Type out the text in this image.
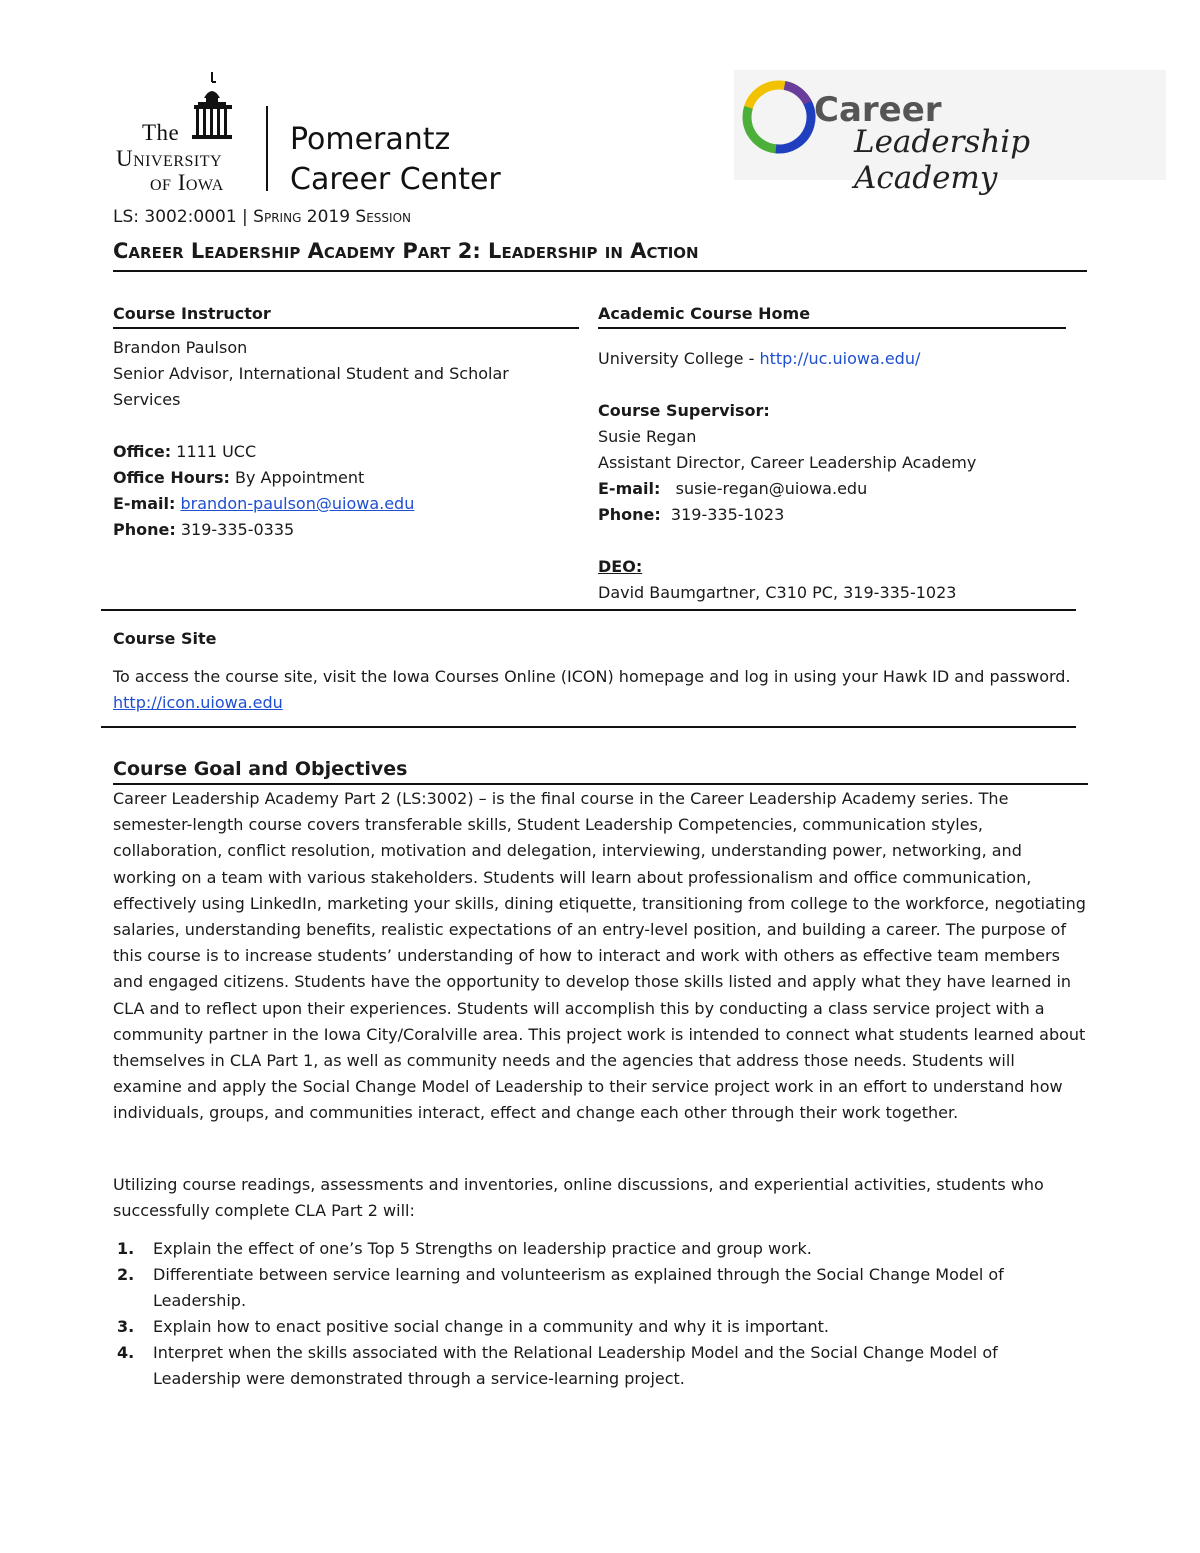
The
University
of Iowa
Pomerantz
Career Center
Career
Leadership Academy
LS: 3002:0001 | Spring 2019 Session
Career Leadership Academy Part 2: Leadership in Action
Course Instructor
Brandon Paulson
Senior Advisor, International Student and Scholar Services
Office: 1111 UCC
Office Hours: By Appointment
E-mail: brandon-paulson@uiowa.edu
Phone: 319-335-0335
Academic Course Home
University College - http://uc.uiowa.edu/
Course Supervisor:
Susie Regan
Assistant Director, Career Leadership Academy
E-mail: susie-regan@uiowa.edu
Phone: 319-335-1023
DEO:
David Baumgartner, C310 PC, 319-335-1023
Course Site
To access the course site, visit the Iowa Courses Online (ICON) homepage and log in using your Hawk ID and password. http://icon.uiowa.edu
Course Goal and Objectives
Career Leadership Academy Part 2 (LS:3002) – is the final course in the Career Leadership Academy series. The semester-length course covers transferable skills, Student Leadership Competencies, communication styles, collaboration, conflict resolution, motivation and delegation, interviewing, understanding power, networking, and working on a team with various stakeholders. Students will learn about professionalism and office communication, effectively using LinkedIn, marketing your skills, dining etiquette, transitioning from college to the workforce, negotiating salaries, understanding benefits, realistic expectations of an entry-level position, and building a career. The purpose of this course is to increase students’ understanding of how to interact and work with others as effective team members and engaged citizens. Students have the opportunity to develop those skills listed and apply what they have learned in CLA and to reflect upon their experiences. Students will accomplish this by conducting a class service project with a community partner in the Iowa City/Coralville area. This project work is intended to connect what students learned about themselves in CLA Part 1, as well as community needs and the agencies that address those needs. Students will examine and apply the Social Change Model of Leadership to their service project work in an effort to understand how individuals, groups, and communities interact, effect and change each other through their work together.
Utilizing course readings, assessments and inventories, online discussions, and experiential activities, students who successfully complete CLA Part 2 will:
1. Explain the effect of one’s Top 5 Strengths on leadership practice and group work.
2. Differentiate between service learning and volunteerism as explained through the Social Change Model of Leadership.
3. Explain how to enact positive social change in a community and why it is important.
4. Interpret when the skills associated with the Relational Leadership Model and the Social Change Model of Leadership were demonstrated through a service-learning project.
